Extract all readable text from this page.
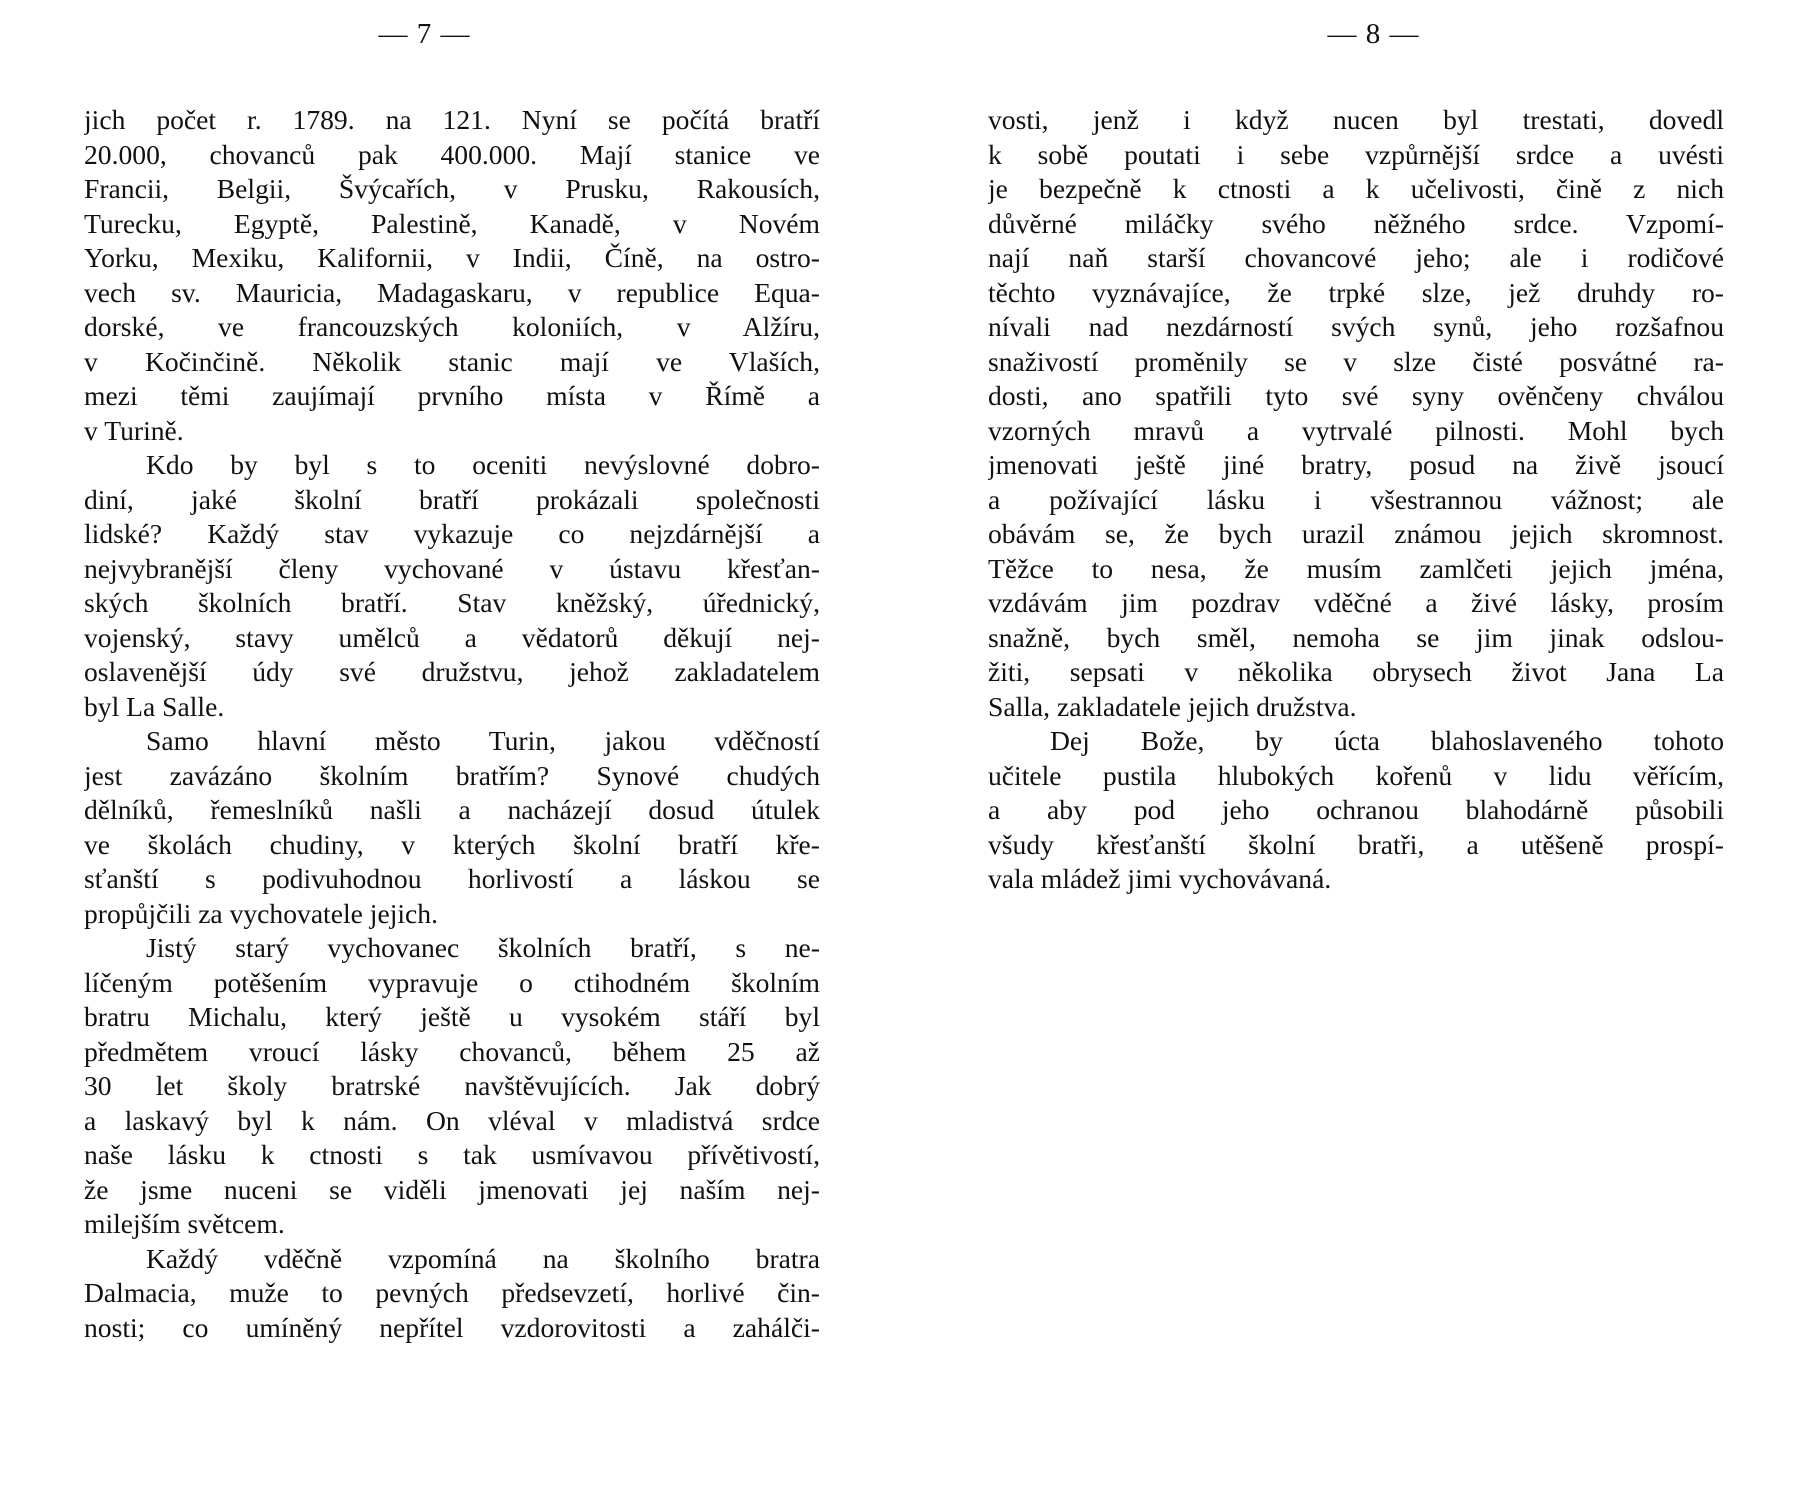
— 7 —
jich počet r. 1789. na 121. Nyní se počítá bratří
20.000, chovanců pak 400.000. Mají stanice ve
Francii, Belgii, Švýcařích, v Prusku, Rakousích,
Turecku, Egyptě, Palestině, Kanadě, v Novém
Yorku, Mexiku, Kalifornii, v Indii, Číně, na ostro-
vech sv. Mauricia, Madagaskaru, v republice Equa-
dorské, ve francouzských koloniích, v Alžíru,
v Kočinčině. Několik stanic mají ve Vlaších,
mezi těmi zaujímají prvního místa v Římě a
v Turině.
Kdo by byl s to oceniti nevýslovné dobro-
diní, jaké školní bratří prokázali společnosti
lidské? Každý stav vykazuje co nejzdárnější a
nejvybranější členy vychované v ústavu křesťan-
ských školních bratří. Stav kněžský, úřednický,
vojenský, stavy umělců a vědatorů děkují nej-
oslavenější údy své družstvu, jehož zakladatelem
byl La Salle.
Samo hlavní město Turin, jakou vděčností
jest zavázáno školním bratřím? Synové chudých
dělníků, řemeslníků našli a nacházejí dosud útulek
ve školách chudiny, v kterých školní bratří kře-
sťanští s podivuhodnou horlivostí a láskou se
propůjčili za vychovatele jejich.
Jistý starý vychovanec školních bratří, s ne-
líčeným potěšením vypravuje o ctihodném školním
bratru Michalu, který ještě u vysokém stáří byl
předmětem vroucí lásky chovanců, během 25 až
30 let školy bratrské navštěvujících. Jak dobrý
a laskavý byl k nám. On vléval v mladistvá srdce
naše lásku k ctnosti s tak usmívavou přívětivostí,
že jsme nuceni se viděli jmenovati jej naším nej-
milejším světcem.
Každý vděčně vzpomíná na školního bratra
Dalmacia, muže to pevných předsevzetí, horlivé čin-
nosti; co umíněný nepřítel vzdorovitosti a zahálči-
— 8 —
vosti, jenž i když nucen byl trestati, dovedl
k sobě poutati i sebe vzpůrnější srdce a uvésti
je bezpečně k ctnosti a k učelivosti, čině z nich
důvěrné miláčky svého něžného srdce. Vzpomí-
nají naň starší chovancové jeho; ale i rodičové
těchto vyznávajíce, že trpké slze, jež druhdy ro-
nívali nad nezdárností svých synů, jeho rozšafnou
snaživostí proměnily se v slze čisté posvátné ra-
dosti, ano spatřili tyto své syny ověnčeny chválou
vzorných mravů a vytrvalé pilnosti. Mohl bych
jmenovati ještě jiné bratry, posud na živě jsoucí
a požívající lásku i všestrannou vážnost; ale
obávám se, že bych urazil známou jejich skromnost.
Těžce to nesa, že musím zamlčeti jejich jména,
vzdávám jim pozdrav vděčné a živé lásky, prosím
snažně, bych směl, nemoha se jim jinak odslou-
žiti, sepsati v několika obrysech život Jana La
Salla, zakladatele jejich družstva.
Dej Bože, by úcta blahoslaveného tohoto
učitele pustila hlubokých kořenů v lidu věřícím,
a aby pod jeho ochranou blahodárně působili
všudy křesťanští školní bratři, a utěšeně prospí-
vala mládež jimi vychovávaná.
